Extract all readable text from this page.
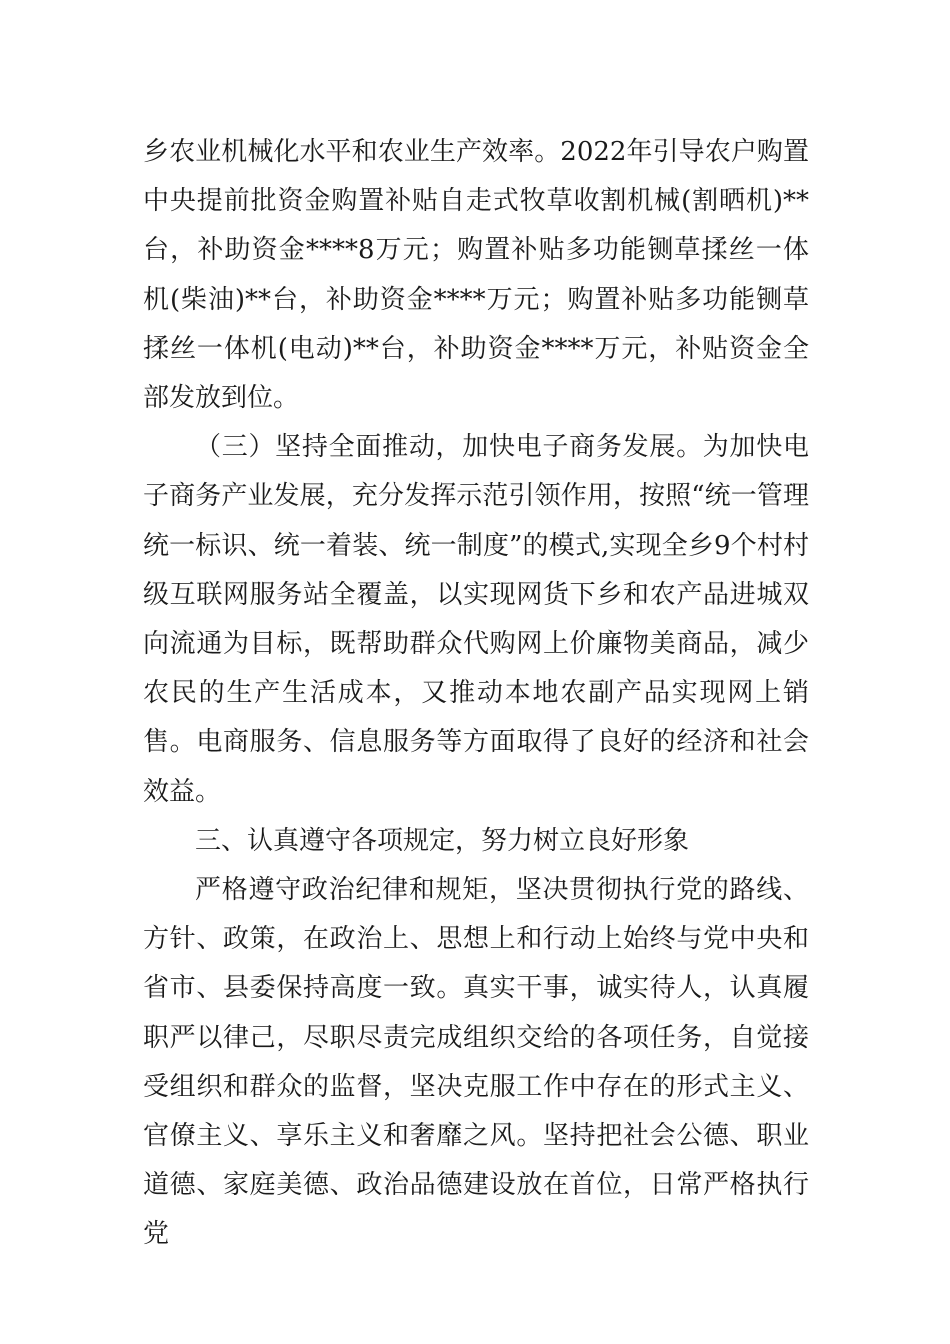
乡农业机械化水平和农业生产效率。2022年引导农户购置中央提前批资金购置补贴自走式牧草收割机械(割晒机)**台，补助资金****8万元；购置补贴多功能铡草揉丝一体机(柴油)**台，补助资金****万元；购置补贴多功能铡草揉丝一体机(电动)**台，补助资金****万元，补贴资金全部发放到位。

（三）坚持全面推动，加快电子商务发展。为加快电子商务产业发展，充分发挥示范引领作用，按照“统一管理统一标识、统一着装、统一制度”的模式,实现全乡9个村村级互联网服务站全覆盖，以实现网货下乡和农产品进城双向流通为目标，既帮助群众代购网上价廉物美商品，减少农民的生产生活成本，又推动本地农副产品实现网上销售。电商服务、信息服务等方面取得了良好的经济和社会效益。

三、认真遵守各项规定，努力树立良好形象

严格遵守政治纪律和规矩，坚决贯彻执行党的路线、方针、政策，在政治上、思想上和行动上始终与党中央和省市、县委保持高度一致。真实干事，诚实待人，认真履职严以律己，尽职尽责完成组织交给的各项任务，自觉接受组织和群众的监督，坚决克服工作中存在的形式主义、官僚主义、享乐主义和奢靡之风。坚持把社会公德、职业道德、家庭美德、政治品德建设放在首位，日常严格执行党
